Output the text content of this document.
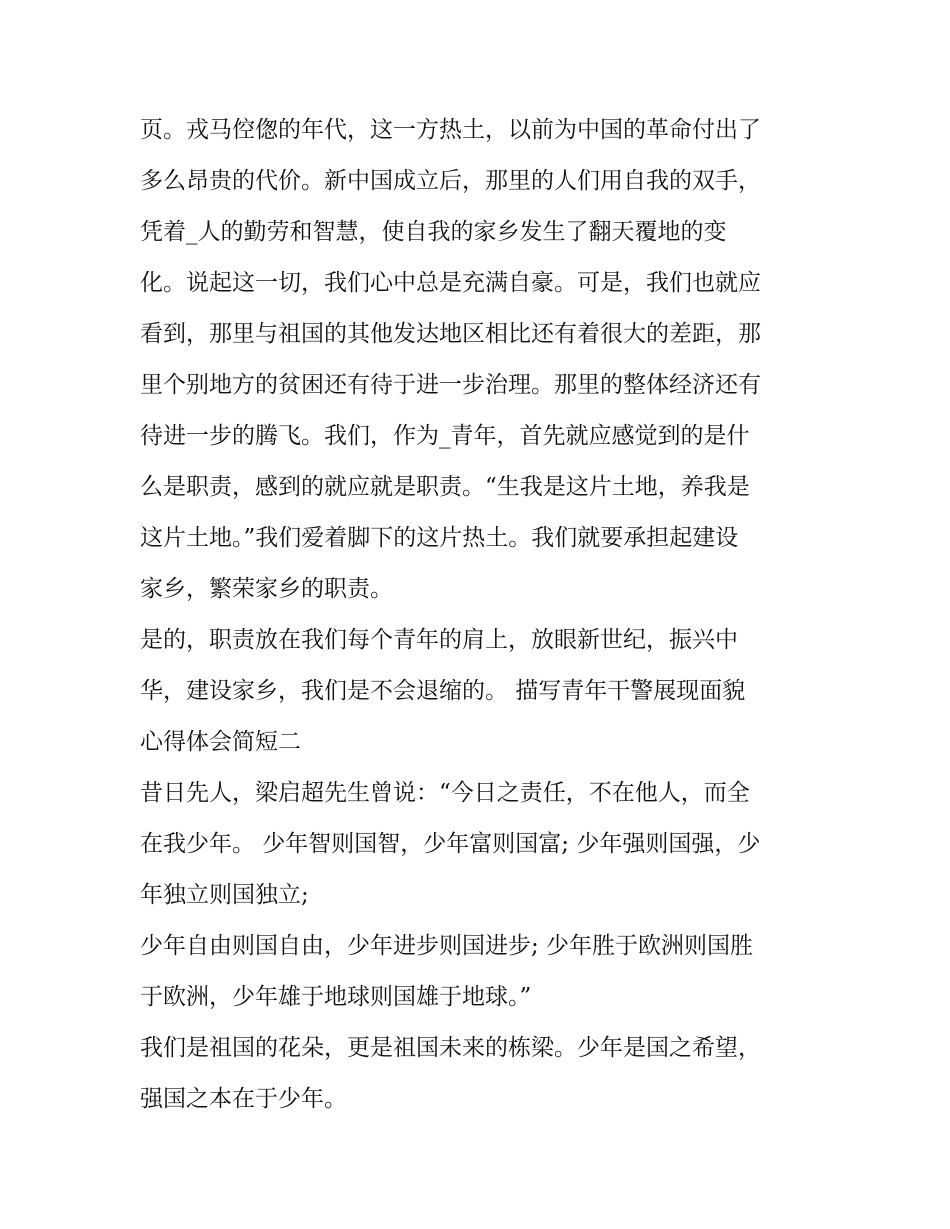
页。戎马倥偬的年代，这一方热土，以前为中国的革命付出了
多么昂贵的代价。新中国成立后，那里的人们用自我的双手，
凭着_人的勤劳和智慧，使自我的家乡发生了翻天覆地的变
化。说起这一切，我们心中总是充满自豪。可是，我们也就应
看到，那里与祖国的其他发达地区相比还有着很大的差距，那
里个别地方的贫困还有待于进一步治理。那里的整体经济还有
待进一步的腾飞。我们，作为_青年，首先就应感觉到的是什
么是职责，感到的就应就是职责。“生我是这片土地，养我是
这片土地。”我们爱着脚下的这片热土。我们就要承担起建设
家乡，繁荣家乡的职责。
是的，职责放在我们每个青年的肩上，放眼新世纪，振兴中
华，建设家乡，我们是不会退缩的。 描写青年干警展现面貌
心得体会简短二
昔日先人，梁启超先生曾说：“今日之责任，不在他人，而全
在我少年。 少年智则国智，少年富则国富; 少年强则国强，少
年独立则国独立;
少年自由则国自由，少年进步则国进步; 少年胜于欧洲则国胜
于欧洲，少年雄于地球则国雄于地球。”
我们是祖国的花朵，更是祖国未来的栋梁。少年是国之希望，
强国之本在于少年。
